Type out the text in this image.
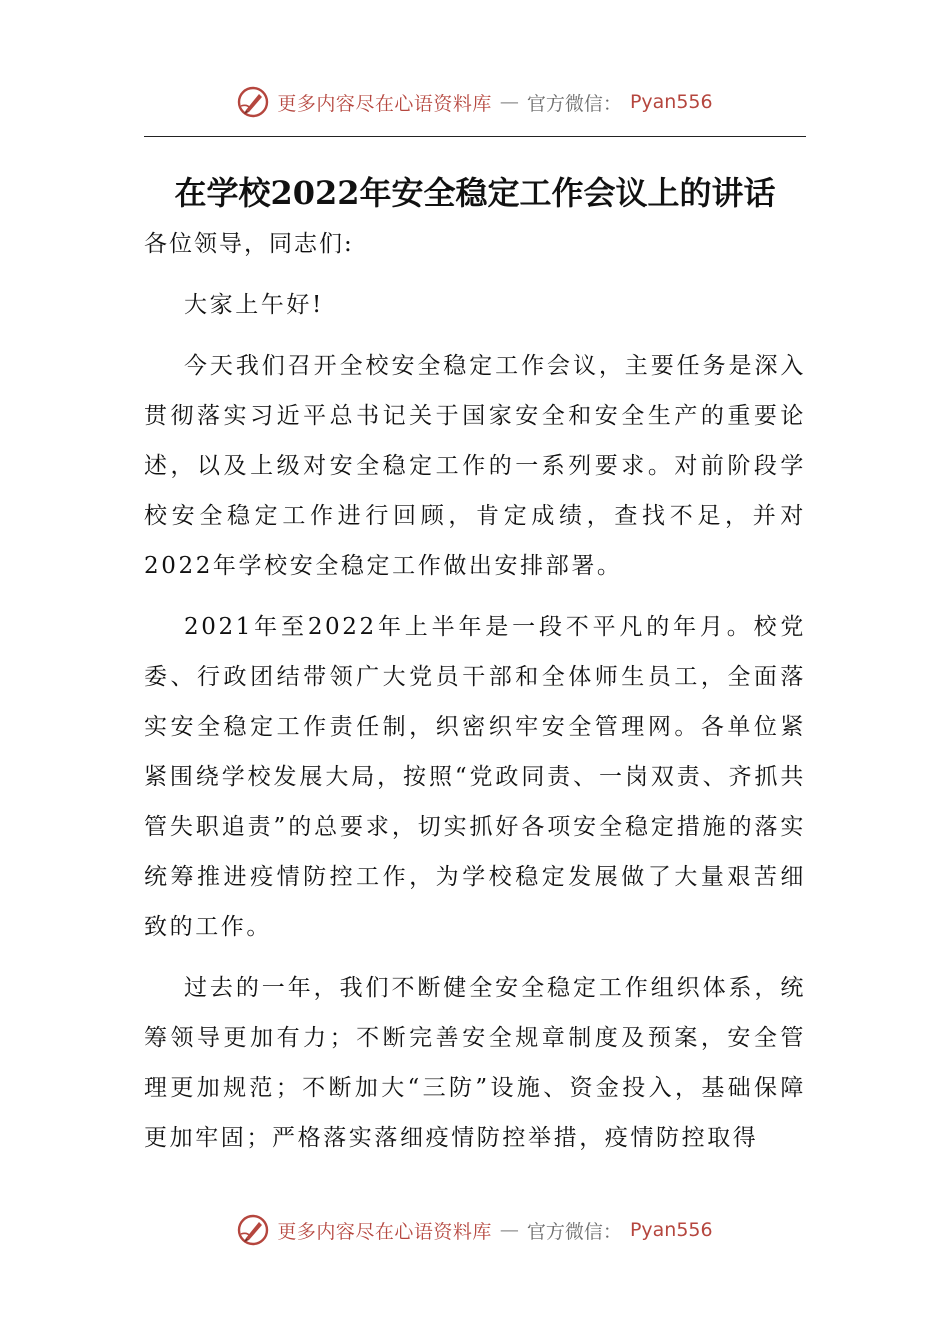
更多内容尽在心语资料库 — 官方微信： Pyan556
在学校2022年安全稳定工作会议上的讲话

各位领导，同志们:

大家上午好!

今天我们召开全校安全稳定工作会议，主要任务是深入贯彻落实习近平总书记关于国家安全和安全生产的重要论述，以及上级对安全稳定工作的一系列要求。对前阶段学校安全稳定工作进行回顾，肯定成绩，查找不足，并对2022年学校安全稳定工作做出安排部署。

2021年至2022年上半年是一段不平凡的年月。校党委、行政团结带领广大党员干部和全体师生员工，全面落实安全稳定工作责任制，织密织牢安全管理网。各单位紧紧围绕学校发展大局，按照“党政同责、一岗双责、齐抓共管失职追责”的总要求，切实抓好各项安全稳定措施的落实统筹推进疫情防控工作，为学校稳定发展做了大量艰苦细致的工作。

过去的一年，我们不断健全安全稳定工作组织体系，统筹领导更加有力；不断完善安全规章制度及预案，安全管理更加规范；不断加大“三防”设施、资金投入，基础保障更加牢固；严格落实落细疫情防控举措，疫情防控取得

更多内容尽在心语资料库 — 官方微信： Pyan556
